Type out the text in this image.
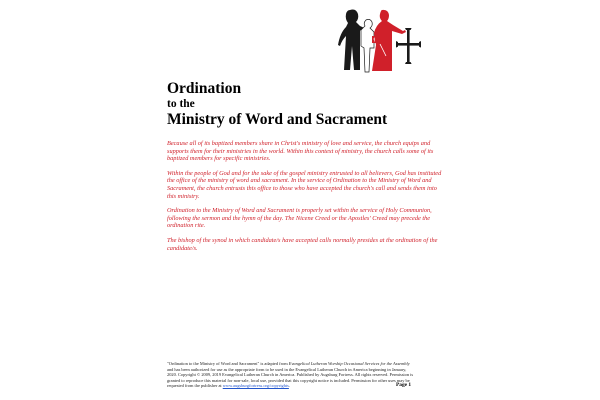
Ordination
to the
Ministry of Word and Sacrament

Because all of its baptized members share in Christ's ministry of love and service, the church equips and supports them for their ministries in the world. Within this context of ministry, the church calls some of its baptized members for specific ministries.

Within the people of God and for the sake of the gospel ministry entrusted to all believers, God has instituted the office of the ministry of word and sacrament. In the service of Ordination to the Ministry of Word and Sacrament, the church entrusts this office to those who have accepted the church's call and sends them into this ministry.

Ordination to the Ministry of Word and Sacrament is properly set within the service of Holy Communion, following the sermon and the hymn of the day. The Nicene Creed or the Apostles' Creed may precede the ordination rite.

The bishop of the synod in which candidate/s have accepted calls normally presides at the ordination of the candidate/s.

"Ordination to the Ministry of Word and Sacrament" is adapted from Evangelical Lutheran Worship Occasional Services for the Assembly and has been authorized for use as the appropriate form to be used in the Evangelical Lutheran Church in America beginning in January, 2020. Copyright © 2009, 2019 Evangelical Lutheran Church in America. Published by Augsburg Fortress. All rights reserved. Permission is granted to reproduce this material for non-sale, local use, provided that this copyright notice is included. Permission for other uses may be requested from the publisher at www.augsburgfortress.org/copyrights.	Page 1
